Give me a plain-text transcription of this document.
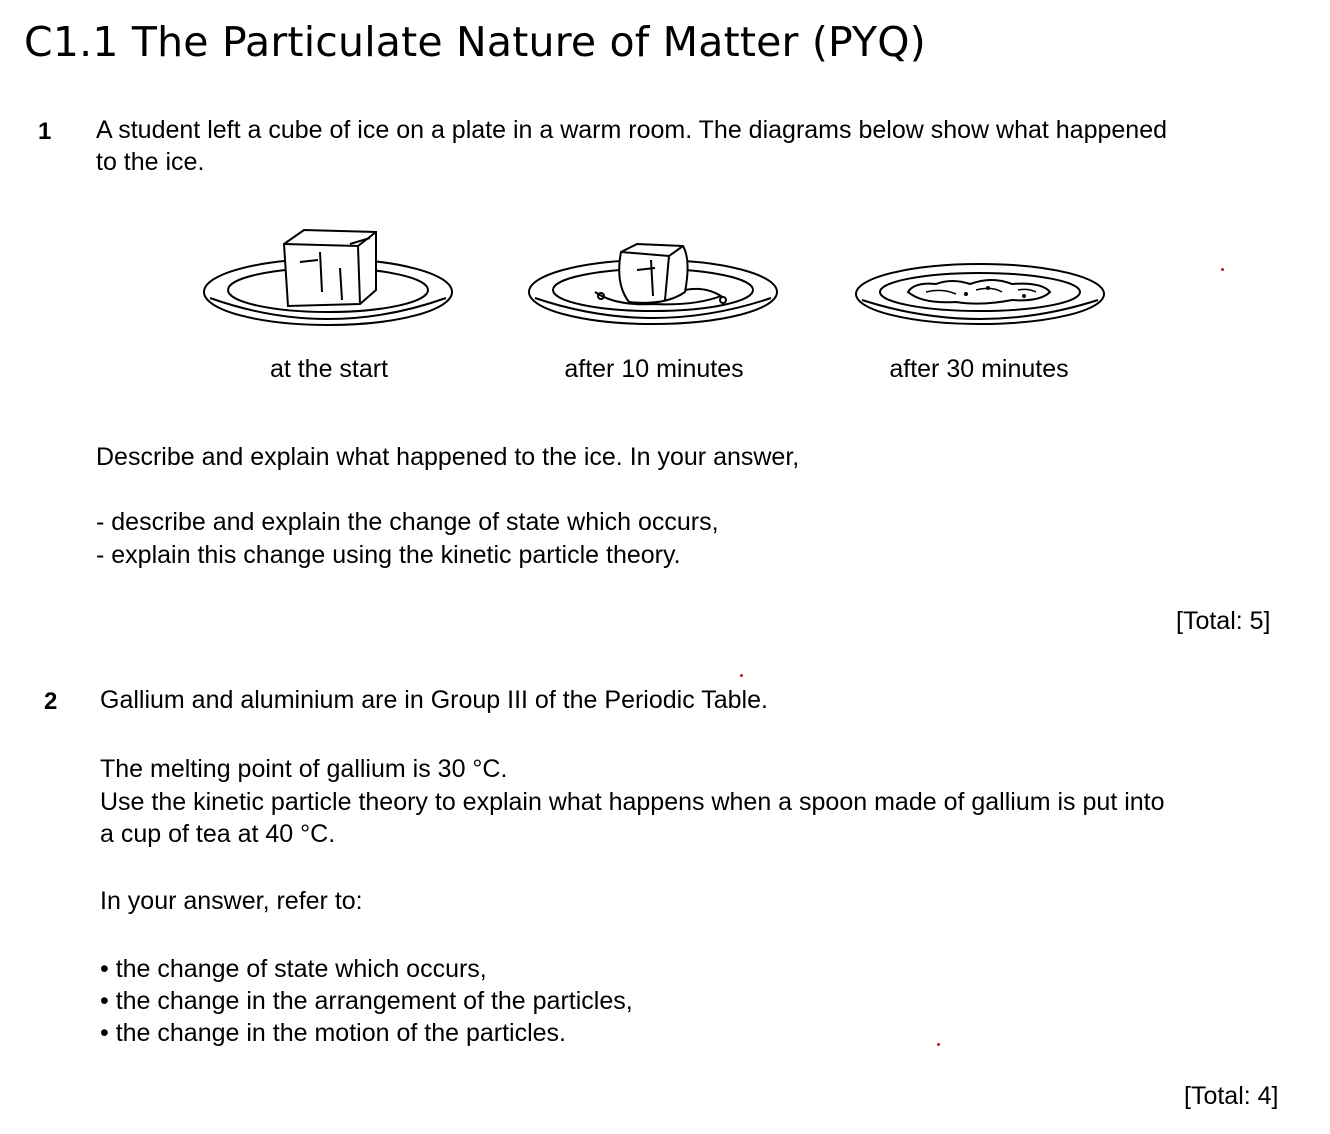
C1.1 The Particulate Nature of Matter (PYQ)
1 A student left a cube of ice on a plate in a warm room. The diagrams below show what happened
to the ice.
at the start	after 10 minutes	after 30 minutes
Describe and explain what happened to the ice. In your answer,
- describe and explain the change of state which occurs,
- explain this change using the kinetic particle theory.
[Total: 5]
2 Gallium and aluminium are in Group III of the Periodic Table.
The melting point of gallium is 30 °C.
Use the kinetic particle theory to explain what happens when a spoon made of gallium is put into
a cup of tea at 40 °C.
In your answer, refer to:
• the change of state which occurs,
• the change in the arrangement of the particles,
• the change in the motion of the particles.
[Total: 4]
